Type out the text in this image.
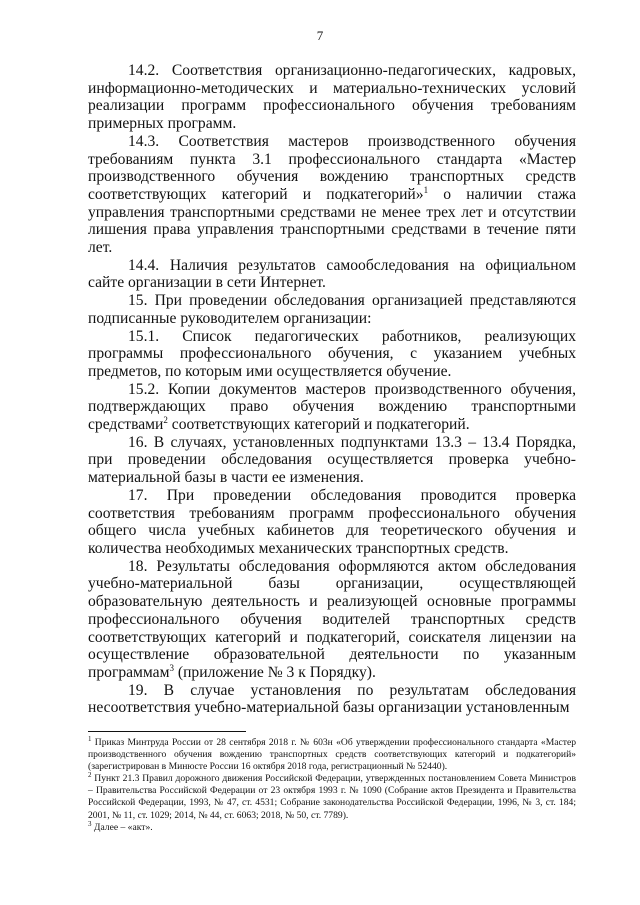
7

14.2. Соответствия организационно-педагогических, кадровых, информационно-методических и материально-технических условий реализации программ профессионального обучения требованиям примерных программ.

14.3. Соответствия мастеров производственного обучения требованиям пункта 3.1 профессионального стандарта «Мастер производственного обучения вождению транспортных средств соответствующих категорий и подкатегорий»$^1$ о наличии стажа управления транспортными средствами не менее трех лет и отсутствии лишения права управления транспортными средствами в течение пяти лет.

14.4. Наличия результатов самообследования на официальном сайте организации в сети Интернет.

15. При проведении обследования организацией представляются подписанные руководителем организации:

15.1. Список педагогических работников, реализующих программы профессионального обучения, с указанием учебных предметов, по которым ими осуществляется обучение.

15.2. Копии документов мастеров производственного обучения, подтверждающих право обучения вождению транспортными средствами$^2$ соответствующих категорий и подкатегорий.

16. В случаях, установленных подпунктами 13.3 – 13.4 Порядка, при проведении обследования осуществляется проверка учебно-материальной базы в части ее изменения.

17. При проведении обследования проводится проверка соответствия требованиям программ профессионального обучения общего числа учебных кабинетов для теоретического обучения и количества необходимых механических транспортных средств.

18. Результаты обследования оформляются актом обследования учебно-материальной базы организации, осуществляющей образовательную деятельность и реализующей основные программы профессионального обучения водителей транспортных средств соответствующих категорий и подкатегорий, соискателя лицензии на осуществление образовательной деятельности по указанным программам$^3$ (приложение № 3 к Порядку).

19. В случае установления по результатам обследования несоответствия учебно-материальной базы организации установленным

$^1$ Приказ Минтруда России от 28 сентября 2018 г. № 603н «Об утверждении профессионального стандарта «Мастер производственного обучения вождению транспортных средств соответствующих категорий и подкатегорий» (зарегистрирован в Минюсте России 16 октября 2018 года, регистрационный № 52440).

$^2$ Пункт 21.3 Правил дорожного движения Российской Федерации, утвержденных постановлением Совета Министров – Правительства Российской Федерации от 23 октября 1993 г. № 1090 (Собрание актов Президента и Правительства Российской Федерации, 1993, № 47, ст. 4531; Собрание законодательства Российской Федерации, 1996, № 3, ст. 184; 2001, № 11, ст. 1029; 2014, № 44, ст. 6063; 2018, № 50, ст. 7789).

$^3$ Далее – «акт».
